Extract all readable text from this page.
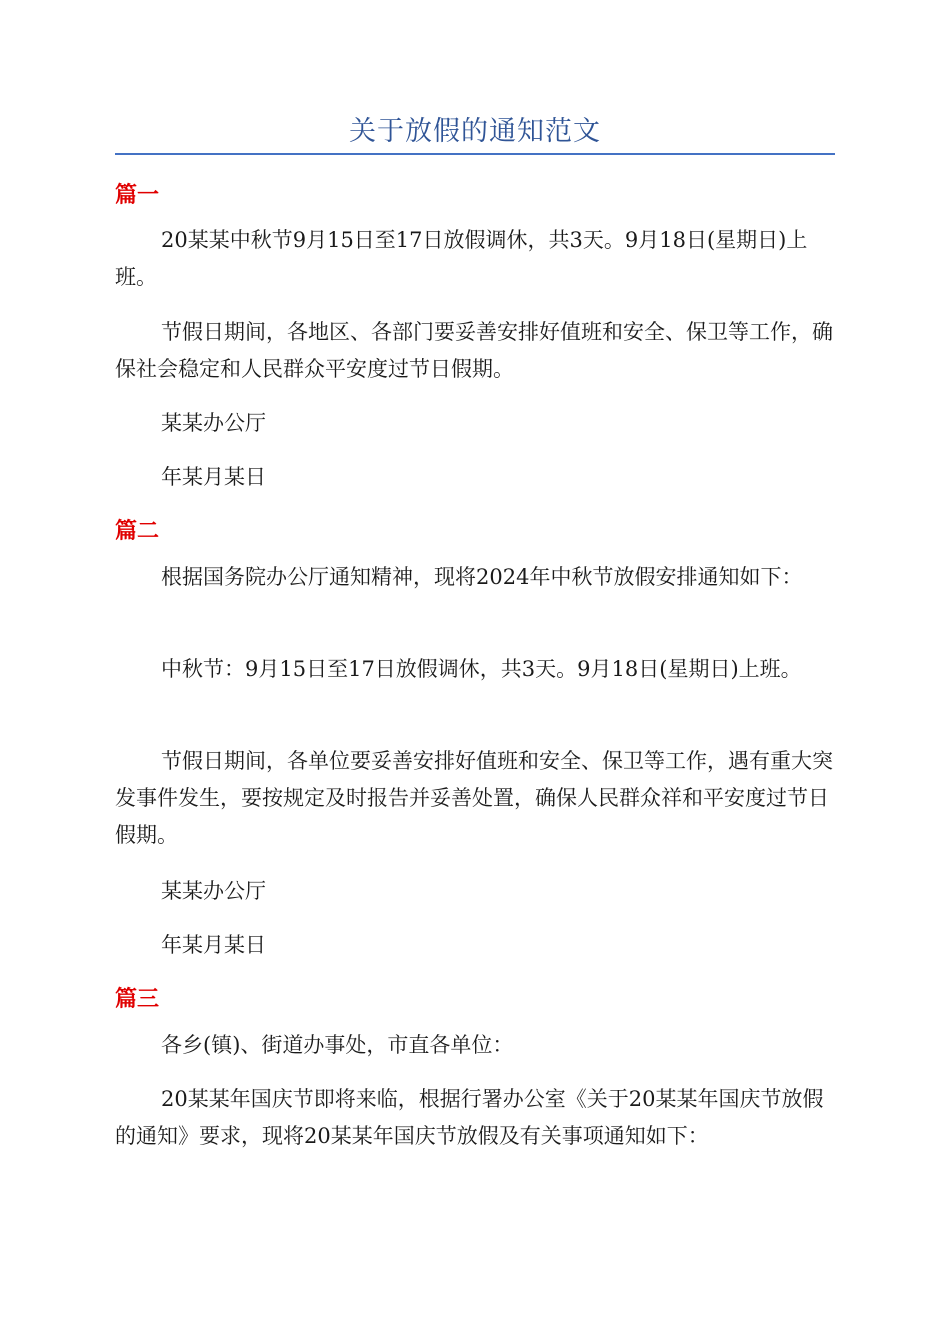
关于放假的通知范文
篇一

20某某中秋节9月15日至17日放假调休，共3天。9月18日(星期日)上班。

节假日期间，各地区、各部门要妥善安排好值班和安全、保卫等工作，确保社会稳定和人民群众平安度过节日假期。

某某办公厅

年某月某日

篇二

根据国务院办公厅通知精神，现将2024年中秋节放假安排通知如下：

中秋节：9月15日至17日放假调休，共3天。9月18日(星期日)上班。

节假日期间，各单位要妥善安排好值班和安全、保卫等工作，遇有重大突发事件发生，要按规定及时报告并妥善处置，确保人民群众祥和平安度过节日假期。

某某办公厅

年某月某日

篇三

各乡(镇)、街道办事处，市直各单位：

20某某年国庆节即将来临，根据行署办公室《关于20某某年国庆节放假的通知》要求，现将20某某年国庆节放假及有关事项通知如下：
